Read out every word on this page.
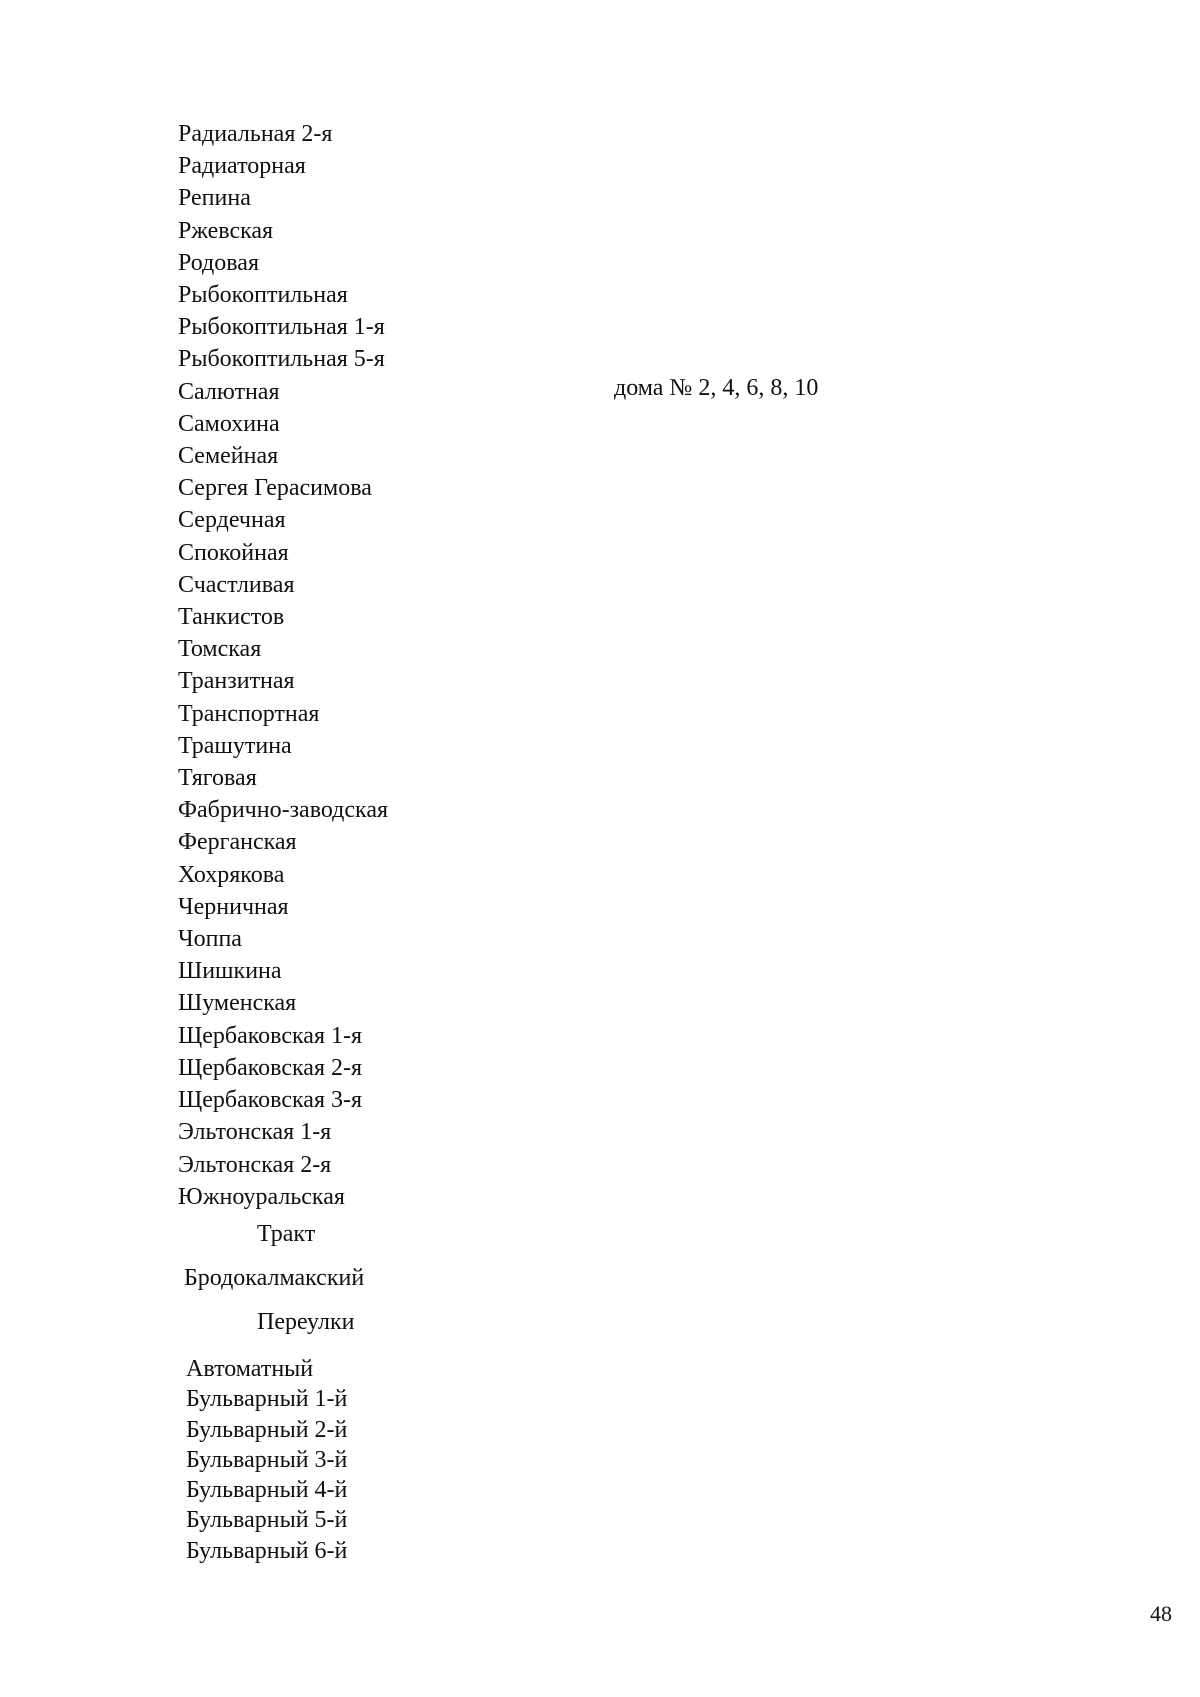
Радиальная 2-я
Радиаторная
Репина
Ржевская
Родовая
Рыбокоптильная
Рыбокоптильная 1-я
Рыбокоптильная 5-я
Салютная
Самохина
Семейная
Сергея Герасимова
Сердечная
Спокойная
Счастливая
Танкистов
Томская
Транзитная
Транспортная
Трашутина
Тяговая
Фабрично-заводская
Ферганская
Хохрякова
Черничная
Чоппа
Шишкина
Шуменская
Щербаковская 1-я
Щербаковская 2-я
Щербаковская 3-я
Эльтонская 1-я
Эльтонская 2-я
Южноуральская
дома № 2, 4, 6, 8, 10
Тракт
Бродокалмакский
Переулки
Автоматный
Бульварный 1-й
Бульварный 2-й
Бульварный 3-й
Бульварный 4-й
Бульварный 5-й
Бульварный 6-й
48
